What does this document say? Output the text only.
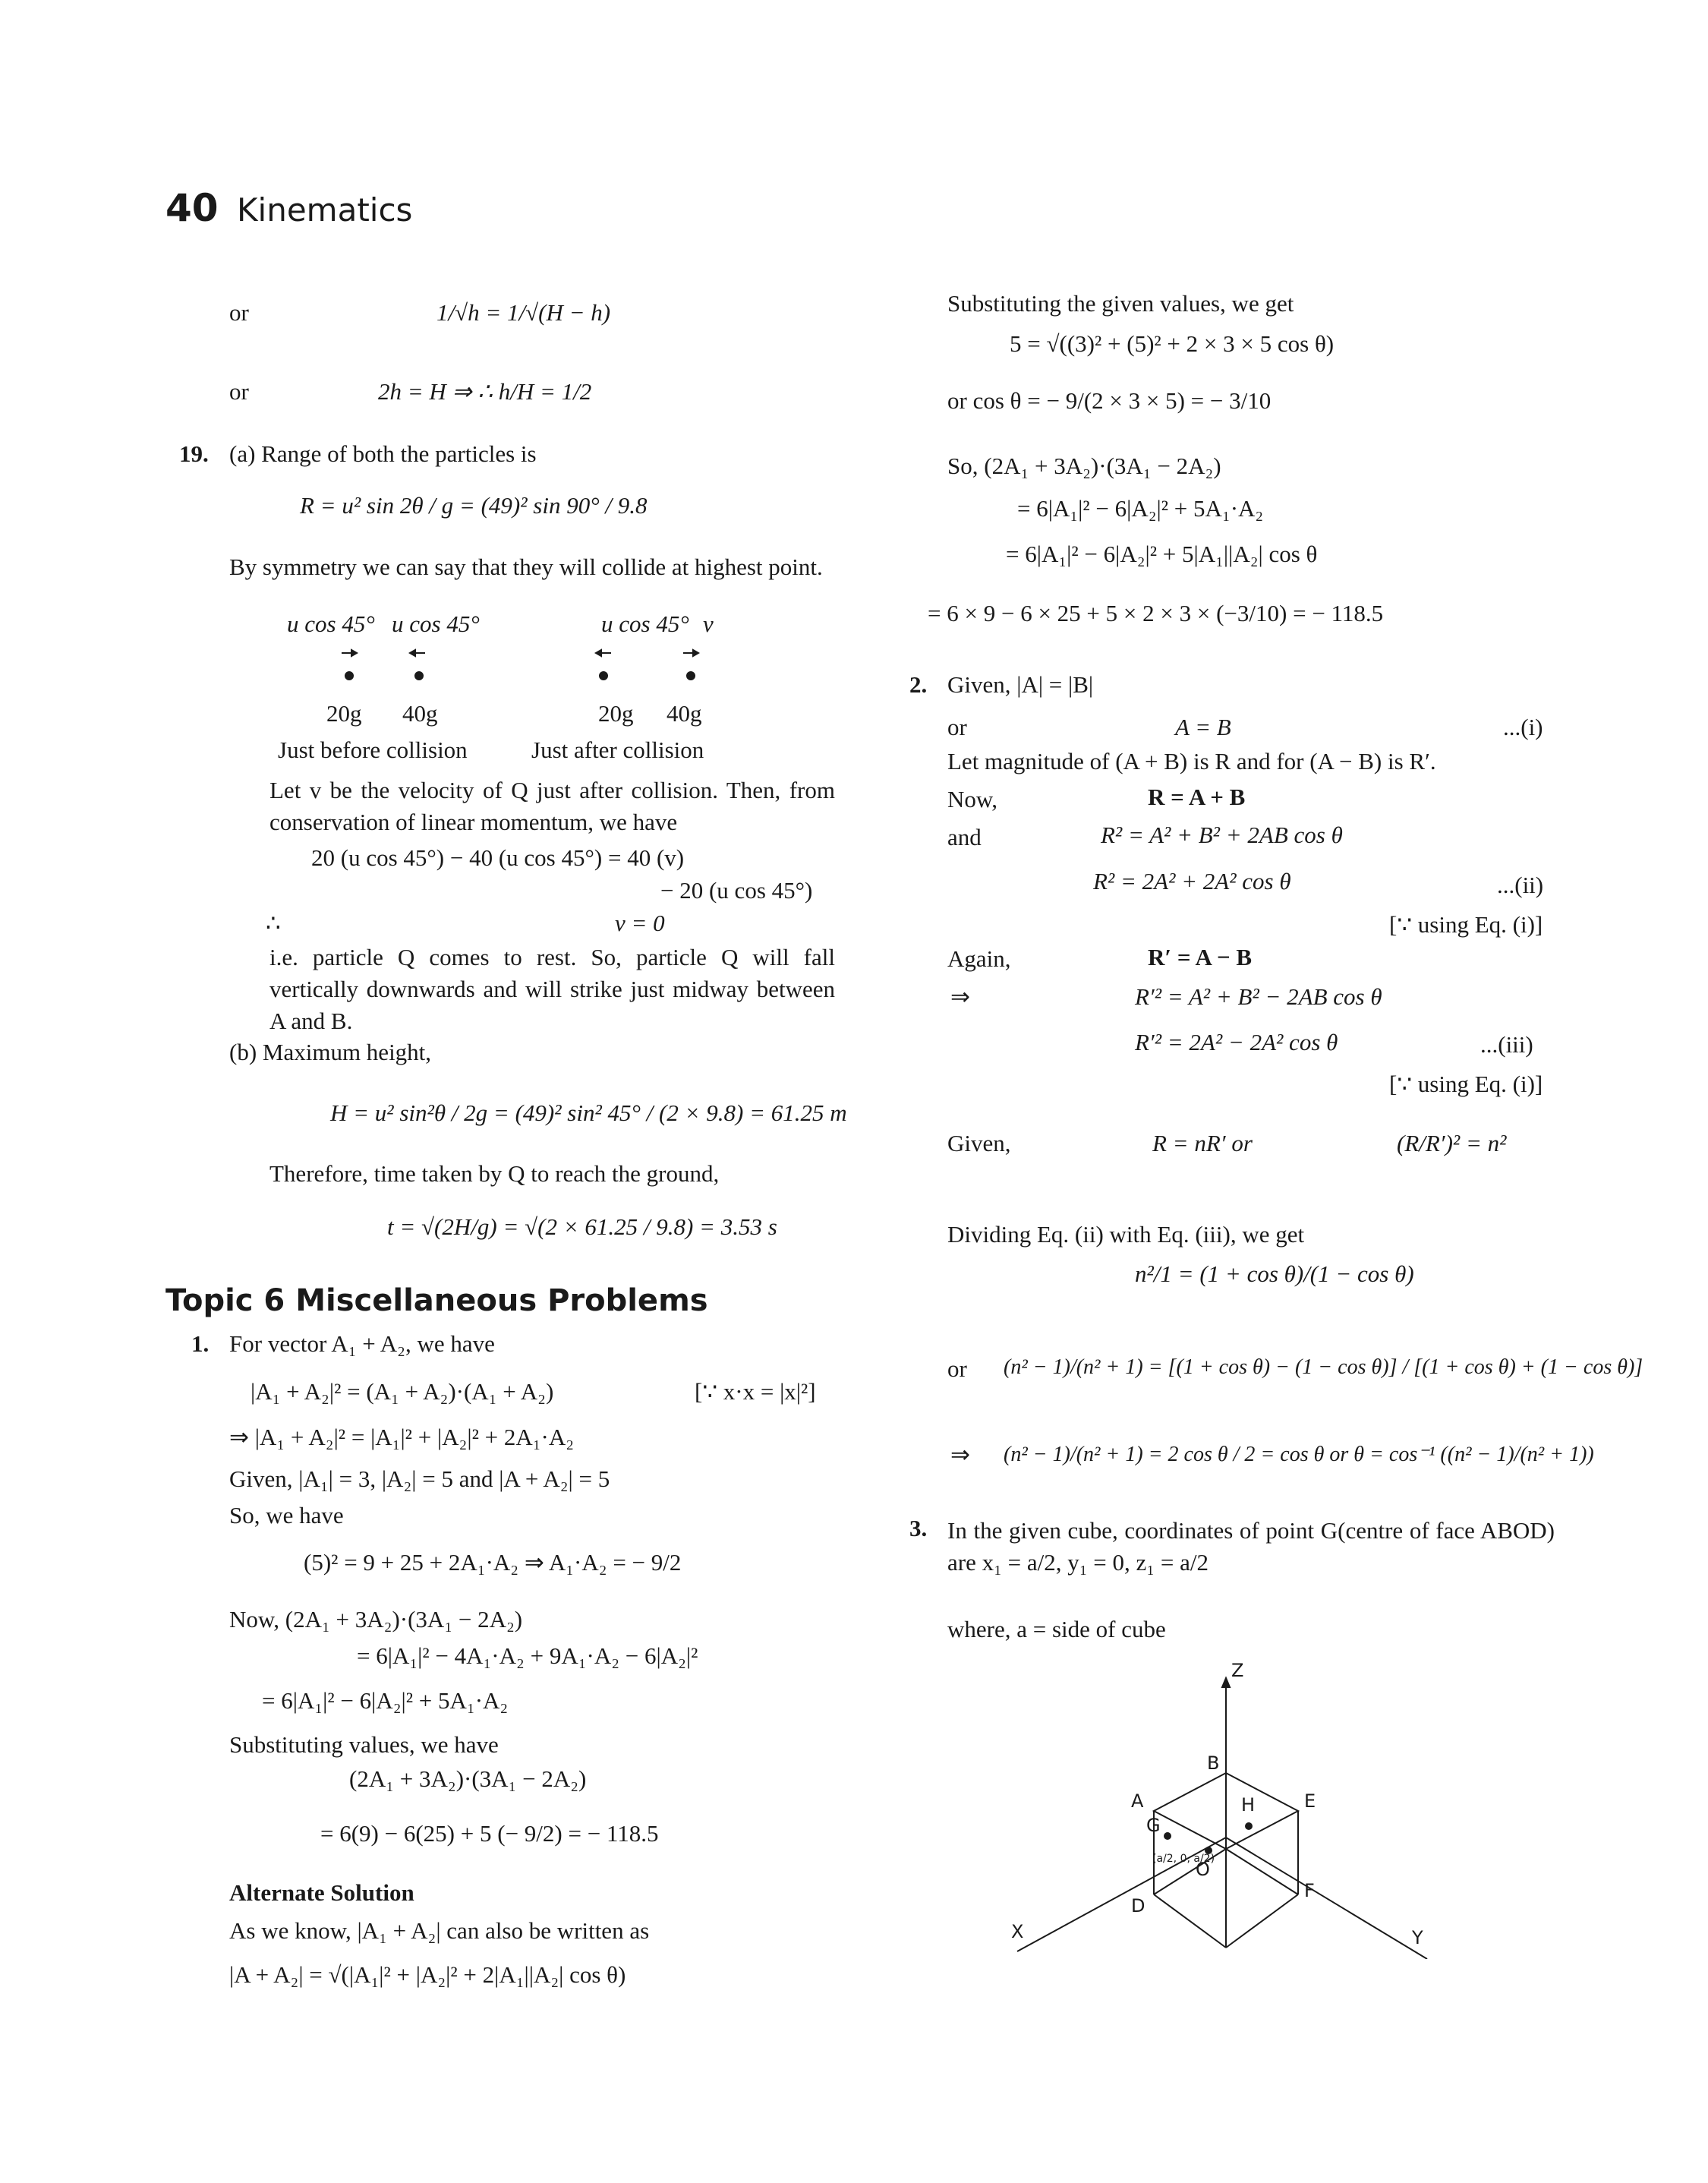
40 Kinematics
or	1/√h = 1/√(H − h)
or	2h = H ⇒ ∴ h/H = 1/2
19. (a) Range of both the particles is
R = u² sin 2θ / g = (49)² sin 90° / 9.8
By symmetry we can say that they will collide at highest point.
u cos 45° u cos 45°	u cos 45° v
20g 40g	20g 40g
Just before collision	Just after collision
Let v be the velocity of Q just after collision. Then, from conservation of linear momentum, we have
20 (u cos 45°) − 40 (u cos 45°) = 40 (v)
− 20 (u cos 45°)
∴	v = 0
i.e. particle Q comes to rest. So, particle Q will fall vertically downwards and will strike just midway between A and B.
(b) Maximum height,
H = u² sin²θ / 2g = (49)² sin² 45° / (2 × 9.8) = 61.25 m
Therefore, time taken by Q to reach the ground,
t = √(2H/g) = √(2 × 61.25 / 9.8) = 3.53 s
Topic 6 Miscellaneous Problems
1. For vector A₁ + A₂, we have
|A₁ + A₂|² = (A₁ + A₂)·(A₁ + A₂)	[∵ x·x = |x|²]
⇒ |A₁ + A₂|² = |A₁|² + |A₂|² + 2A₁·A₂
Given, |A₁| = 3, |A₂| = 5 and |A + A₂| = 5
So, we have
(5)² = 9 + 25 + 2A₁·A₂ ⇒ A₁·A₂ = − 9/2
Now, (2A₁ + 3A₂)·(3A₁ − 2A₂)
= 6|A₁|² − 4A₁·A₂ + 9A₁·A₂ − 6|A₂|²
= 6|A₁|² − 6|A₂|² + 5A₁·A₂
Substituting values, we have
(2A₁ + 3A₂)·(3A₁ − 2A₂)
= 6(9) − 6(25) + 5 (− 9/2) = − 118.5
Alternate Solution
As we know, |A₁ + A₂| can also be written as
|A + A₂| = √(|A₁|² + |A₂|² + 2|A₁||A₂| cos θ)
Substituting the given values, we get
5 = √((3)² + (5)² + 2 × 3 × 5 cos θ)
or cos θ = − 9/(2 × 3 × 5) = − 3/10
So, (2A₁ + 3A₂)·(3A₁ − 2A₂)
= 6|A₁|² − 6|A₂|² + 5A₁·A₂
= 6|A₁|² − 6|A₂|² + 5|A₁||A₂| cos θ
= 6 × 9 − 6 × 25 + 5 × 2 × 3 × (−3/10) = − 118.5
2. Given, |A| = |B|
or	A = B	...(i)
Let magnitude of (A + B) is R and for (A − B) is R′.
Now,	R = A + B
and	R² = A² + B² + 2AB cos θ
R² = 2A² + 2A² cos θ	...(ii)
[∵ using Eq. (i)]
Again,	R′ = A − B
⇒	R′² = A² + B² − 2AB cos θ
R′² = 2A² − 2A² cos θ	...(iii)
[∵ using Eq. (i)]
Given,	R = nR′ or	(R/R′)² = n²
Dividing Eq. (ii) with Eq. (iii), we get
n²/1 = (1 + cos θ)/(1 − cos θ)
or (n² − 1)/(n² + 1) = [(1 + cos θ) − (1 − cos θ)] / [(1 + cos θ) + (1 − cos θ)]
⇒ (n² − 1)/(n² + 1) = 2 cos θ / 2 = cos θ or θ = cos⁻¹ ((n² − 1)/(n² + 1))
3. In the given cube, coordinates of point G(centre of face ABOD) are x₁ = a/2, y₁ = 0, z₁ = a/2
where, a = side of cube
Z
B
A
G
H	E
O
F
D
X	Y
(a/2, 0, a/2)
